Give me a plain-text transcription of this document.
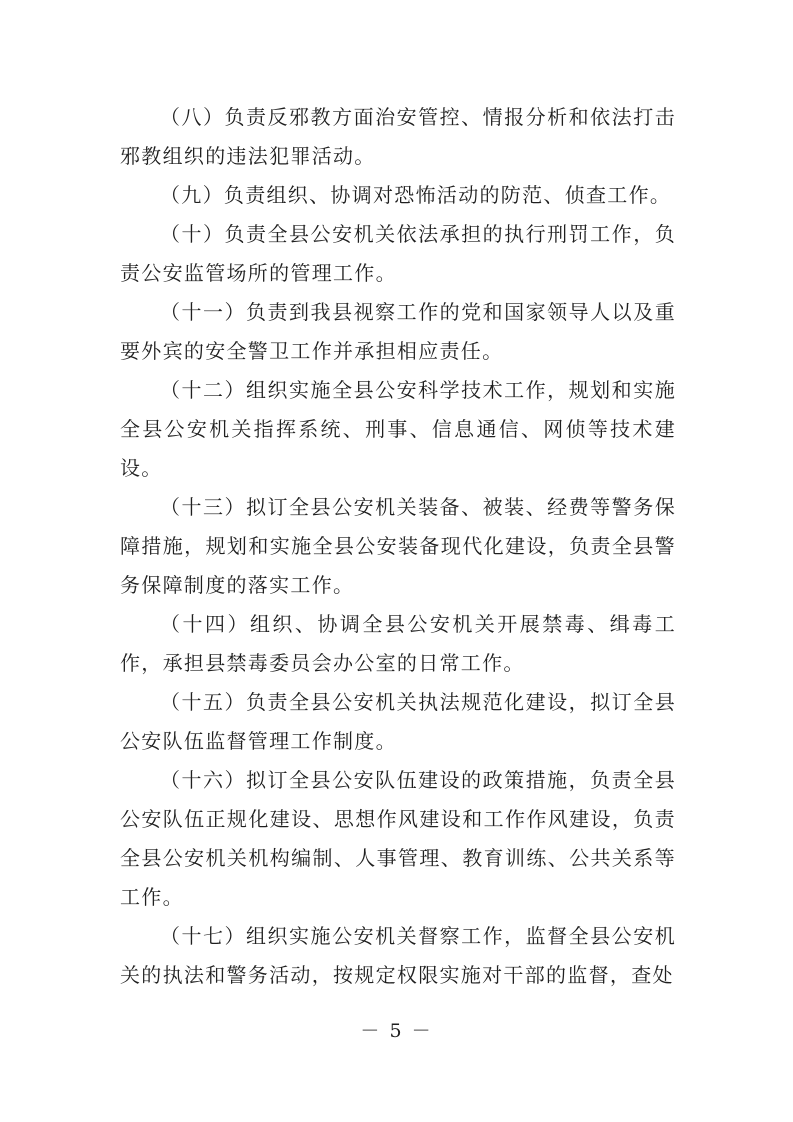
（八）负责反邪教方面治安管控、情报分析和依法打击邪教组织的违法犯罪活动。

（九）负责组织、协调对恐怖活动的防范、侦查工作。

（十）负责全县公安机关依法承担的执行刑罚工作，负责公安监管场所的管理工作。

（十一）负责到我县视察工作的党和国家领导人以及重要外宾的安全警卫工作并承担相应责任。

（十二）组织实施全县公安科学技术工作，规划和实施全县公安机关指挥系统、刑事、信息通信、网侦等技术建设。

（十三）拟订全县公安机关装备、被装、经费等警务保障措施，规划和实施全县公安装备现代化建设，负责全县警务保障制度的落实工作。

（十四）组织、协调全县公安机关开展禁毒、缉毒工作，承担县禁毒委员会办公室的日常工作。

（十五）负责全县公安机关执法规范化建设，拟订全县公安队伍监督管理工作制度。

（十六）拟订全县公安队伍建设的政策措施，负责全县公安队伍正规化建设、思想作风建设和工作作风建设，负责全县公安机关机构编制、人事管理、教育训练、公共关系等工作。

（十七）组织实施公安机关督察工作，监督全县公安机关的执法和警务活动，按规定权限实施对干部的监督，查处

－ 5 －
